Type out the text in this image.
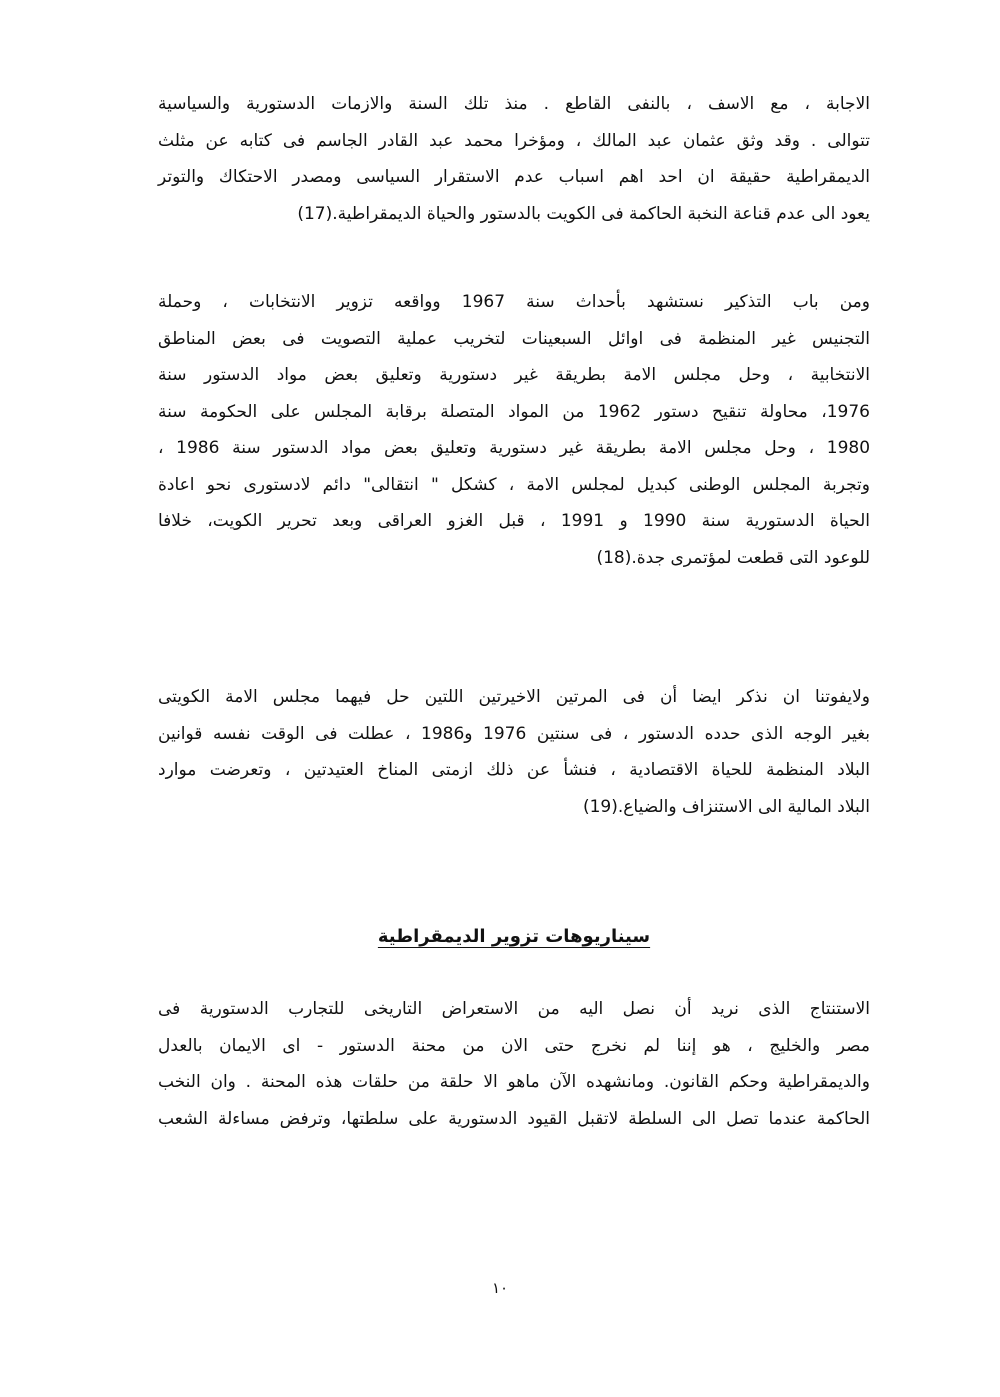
الاجابة ، مع الاسف ، بالنفى القاطع . منذ تلك السنة والازمات الدستورية والسياسية
تتوالى . وقد وثق عثمان عبد المالك ، ومؤخرا محمد عبد القادر الجاسم فى كتابه عن مثلث
الديمقراطية حقيقة ان احد اهم اسباب عدم الاستقرار السياسى ومصدر الاحتكاك والتوتر
يعود الى عدم قناعة النخبة الحاكمة فى الكويت بالدستور والحياة الديمقراطية.(17)

ومن باب التذكير نستشهد بأحداث سنة 1967 وواقعه تزوير الانتخابات ، وحملة
التجنيس غير المنظمة فى اوائل السبعينات لتخريب عملية التصويت فى بعض المناطق
الانتخابية ، وحل مجلس الامة بطريقة غير دستورية وتعليق بعض مواد الدستور سنة
1976، محاولة تنقيح دستور 1962 من المواد المتصلة برقابة المجلس على الحكومة سنة
1980 ، وحل مجلس الامة بطريقة غير دستورية وتعليق بعض مواد الدستور سنة 1986 ،
وتجربة المجلس الوطنى كبديل لمجلس الامة ، كشكل " انتقالى" دائم لادستورى نحو اعادة
الحياة الدستورية سنة 1990 و 1991 ، قبل الغزو العراقى وبعد تحرير الكويت، خلافا
للوعود التى قطعت لمؤتمرى جدة.(18)

ولايفوتنا ان نذكر ايضا أن فى المرتين الاخيرتين اللتين حل فيهما مجلس الامة الكويتى
بغير الوجه الذى حدده الدستور ، فى سنتين 1976 و1986 ، عطلت فى الوقت نفسه قوانين
البلاد المنظمة للحياة الاقتصادية ، فنشأ عن ذلك ازمتى المناخ العتيدتين ، وتعرضت موارد
البلاد المالية الى الاستنزاف والضياع.(19)

سيناريوهات تزوير الديمقراطية

الاستنتاج الذى نريد أن نصل اليه من الاستعراض التاريخى للتجارب الدستورية فى
مصر والخليج ، هو إننا لم نخرج حتى الان من محنة الدستور - اى الايمان بالعدل
والديمقراطية وحكم القانون. ومانشهده الآن ماهو الا حلقة من حلقات هذه المحنة . وان النخب
الحاكمة عندما تصل الى السلطة لاتقبل القيود الدستورية على سلطتها، وترفض مساءلة الشعب

١٠
